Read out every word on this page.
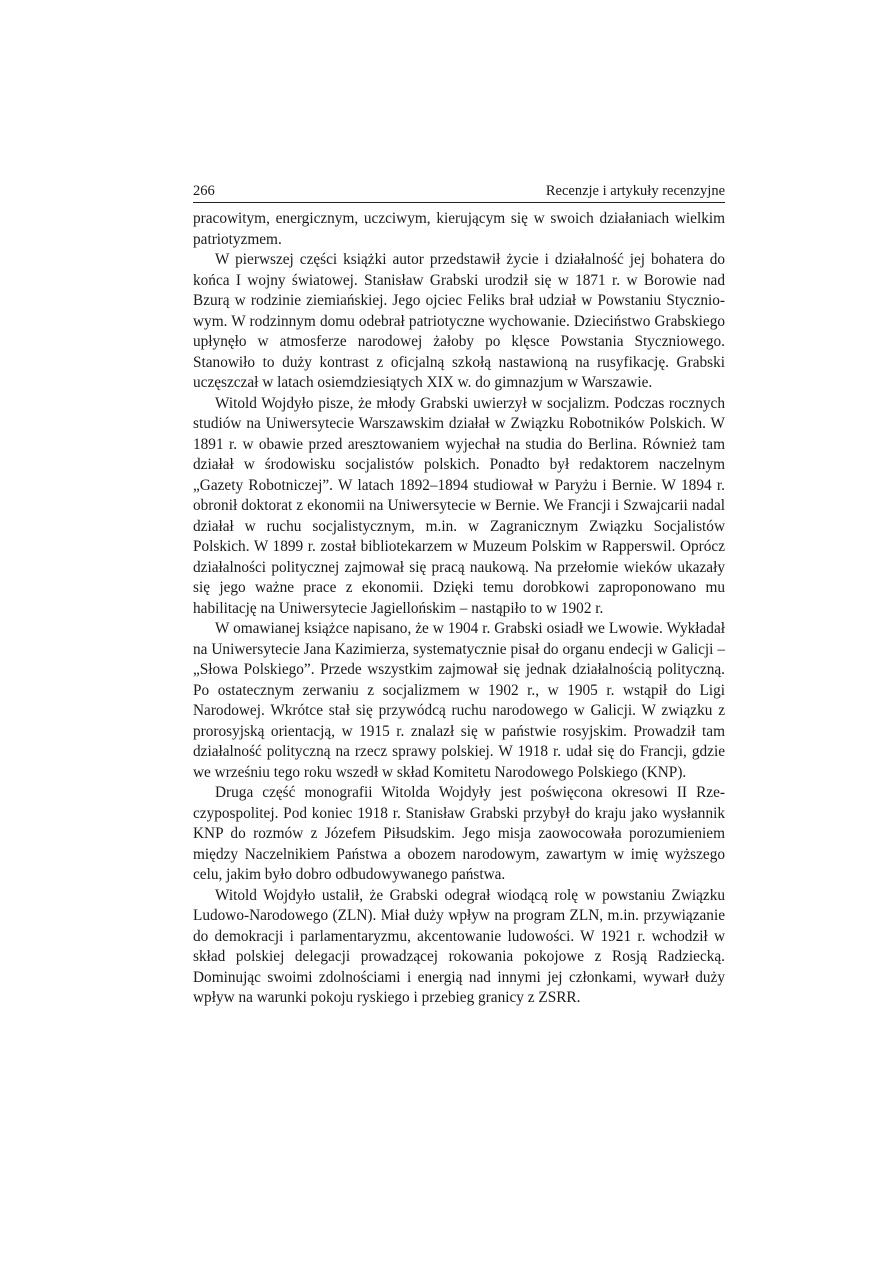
266	Recenzje i artykuły recenzyjne

pracowitym, energicznym, uczciwym, kierującym się w swoich działaniach wielkim patriotyzmem.

W pierwszej części książki autor przedstawił życie i działalność jej bohatera do końca I wojny światowej. Stanisław Grabski urodził się w 1871 r. w Borowie nad Bzurą w rodzinie ziemiańskiej. Jego ojciec Feliks brał udział w Powstaniu Styczniowym. W rodzinnym domu odebrał patriotyczne wychowanie. Dzieciństwo Grabskiego upłynęło w atmosferze narodowej żałoby po klęsce Powstania Styczniowego. Stanowiło to duży kontrast z oficjalną szkołą nastawioną na rusyfikację. Grabski uczęszczał w latach osiemdziesiątych XIX w. do gimnazjum w Warszawie.

Witold Wojdyło pisze, że młody Grabski uwierzył w socjalizm. Podczas rocznych studiów na Uniwersytecie Warszawskim działał w Związku Robotników Polskich. W 1891 r. w obawie przed aresztowaniem wyjechał na studia do Berlina. Również tam działał w środowisku socjalistów polskich. Ponadto był redaktorem naczelnym „Gazety Robotniczej”. W latach 1892–1894 studiował w Paryżu i Bernie. W 1894 r. obronił doktorat z ekonomii na Uniwersytecie w Bernie. We Francji i Szwajcarii nadal działał w ruchu socjalistycznym, m.in. w Zagranicznym Związku Socjalistów Polskich. W 1899 r. został bibliotekarzem w Muzeum Polskim w Rapperswil. Oprócz działalności politycznej zajmował się pracą naukową. Na przełomie wieków ukazały się jego ważne prace z ekonomii. Dzięki temu dorobkowi zaproponowano mu habilitację na Uniwersytecie Jagiellońskim – nastąpiło to w 1902 r.

W omawianej książce napisano, że w 1904 r. Grabski osiadł we Lwowie. Wykładał na Uniwersytecie Jana Kazimierza, systematycznie pisał do organu endecji w Galicji – „Słowa Polskiego”. Przede wszystkim zajmował się jednak działalnością polityczną. Po ostatecznym zerwaniu z socjalizmem w 1902 r., w 1905 r. wstąpił do Ligi Narodowej. Wkrótce stał się przywódcą ruchu narodowego w Galicji. W związku z prorosyjską orientacją, w 1915 r. znalazł się w państwie rosyjskim. Prowadził tam działalność polityczną na rzecz sprawy polskiej. W 1918 r. udał się do Francji, gdzie we wrześniu tego roku wszedł w skład Komitetu Narodowego Polskiego (KNP).

Druga część monografii Witolda Wojdyły jest poświęcona okresowi II Rzeczypospolitej. Pod koniec 1918 r. Stanisław Grabski przybył do kraju jako wysłannik KNP do rozmów z Józefem Piłsudskim. Jego misja zaowocowała porozumieniem między Naczelnikiem Państwa a obozem narodowym, zawartym w imię wyższego celu, jakim było dobro odbudowywanego państwa.

Witold Wojdyło ustalił, że Grabski odegrał wiodącą rolę w powstaniu Związku Ludowo-Narodowego (ZLN). Miał duży wpływ na program ZLN, m.in. przywiązanie do demokracji i parlamentaryzmu, akcentowanie ludowości. W 1921 r. wchodził w skład polskiej delegacji prowadzącej rokowania pokojowe z Rosją Radziecką. Dominując swoimi zdolnościami i energią nad innymi jej członkami, wywarł duży wpływ na warunki pokoju ryskiego i przebieg granicy z ZSRR.
